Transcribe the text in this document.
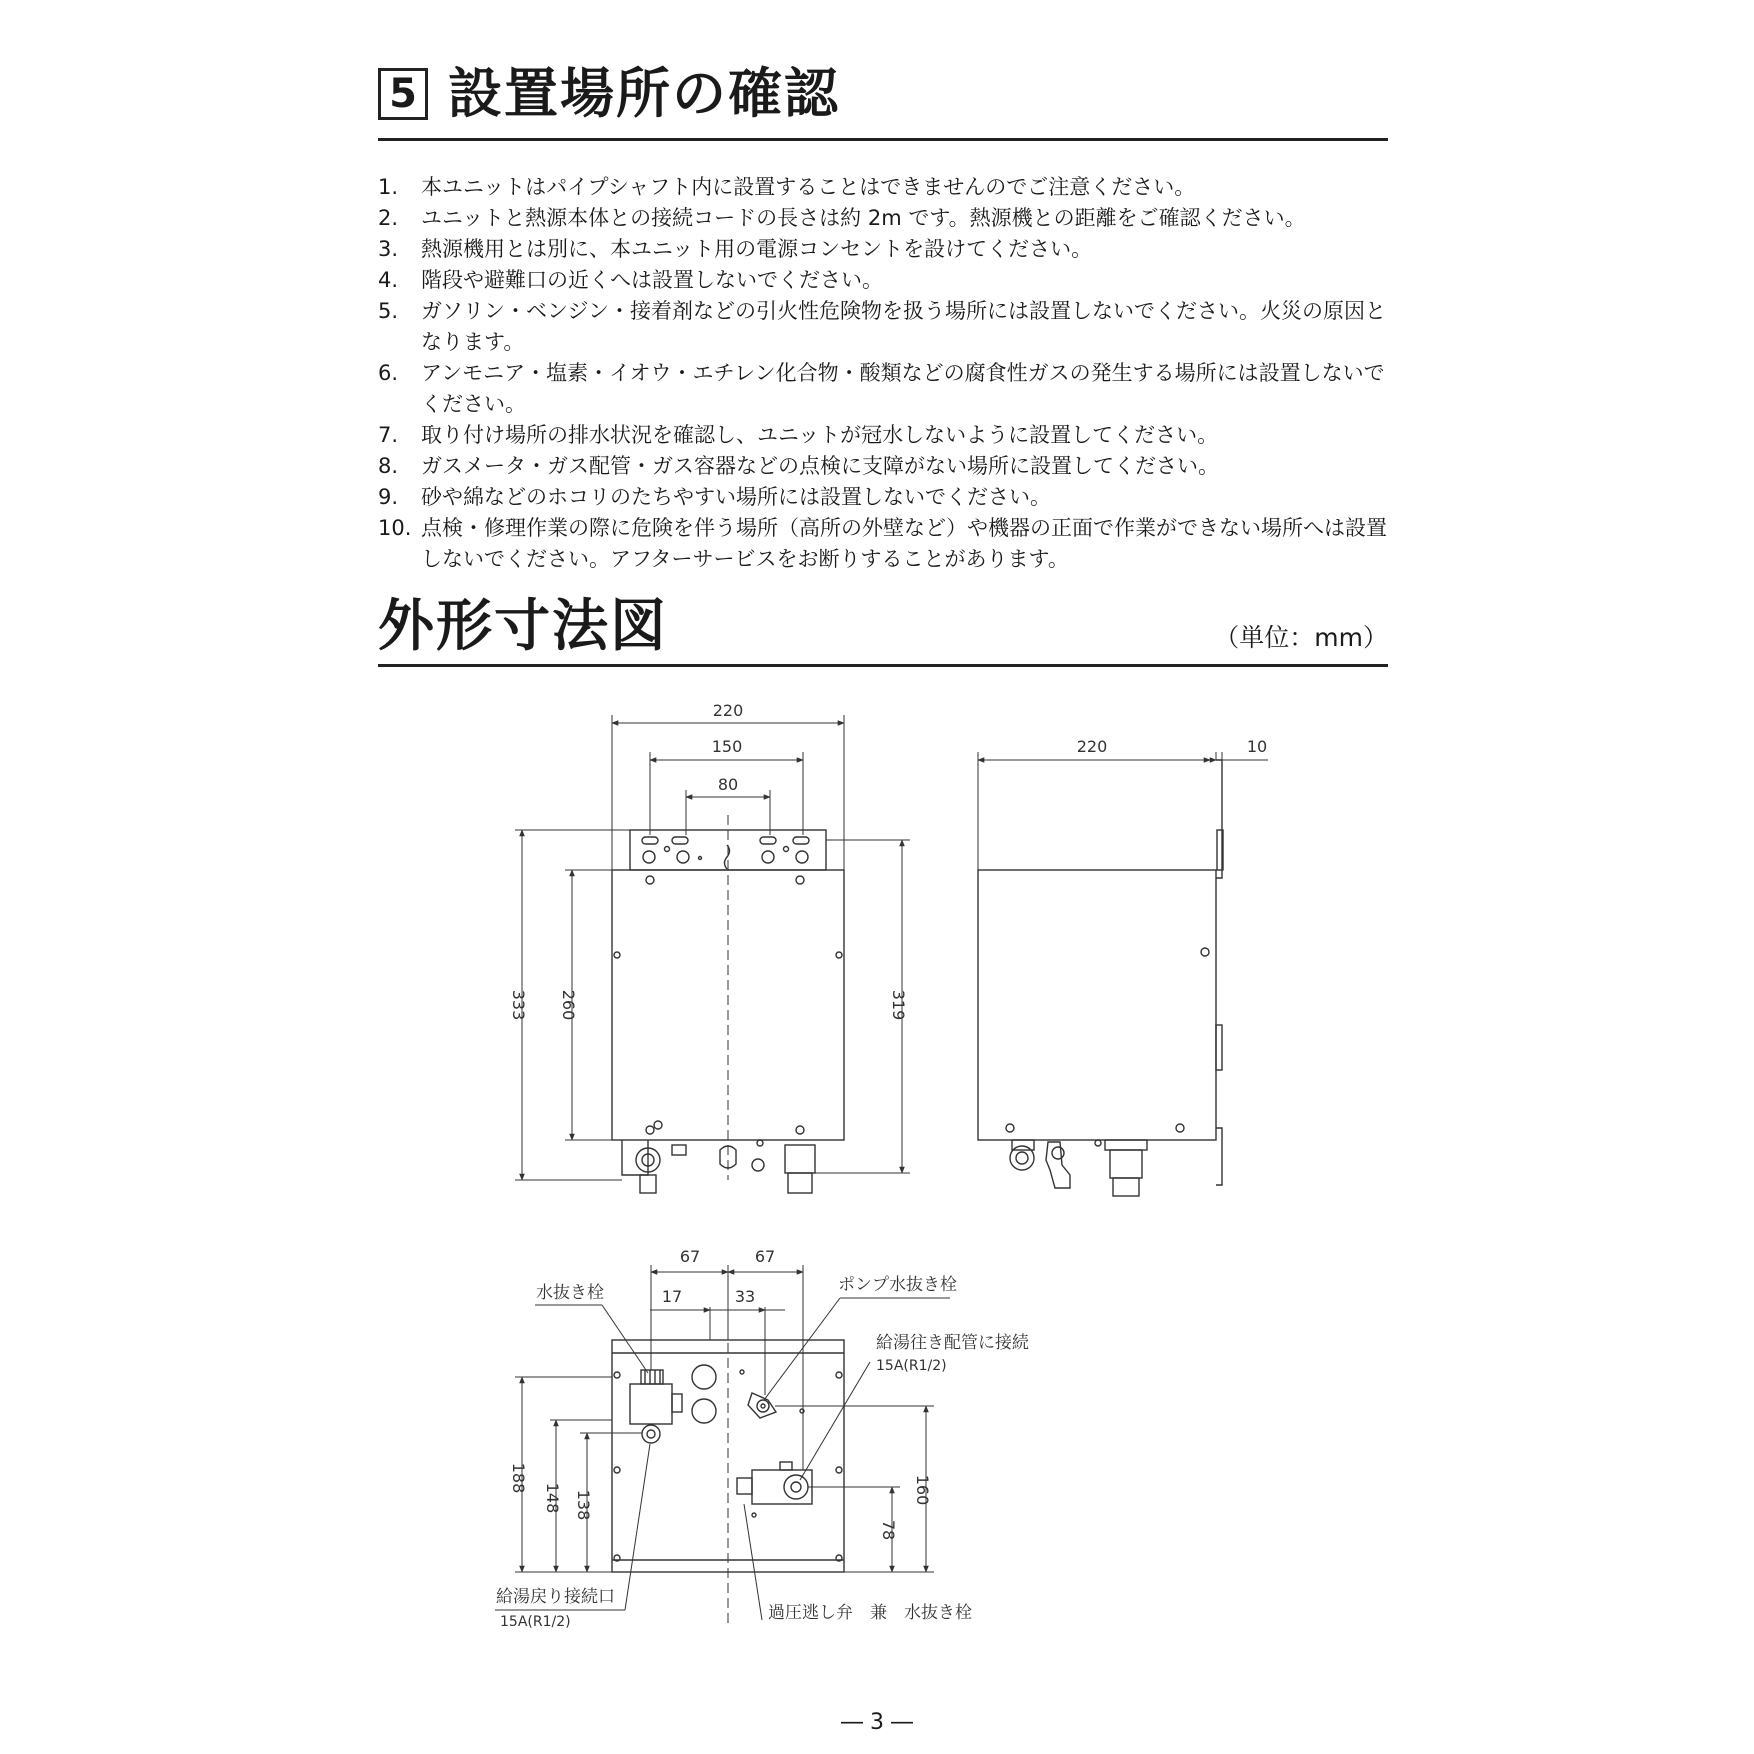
5 設置場所の確認
1. 本ユニットはパイプシャフト内に設置することはできませんのでご注意ください。
2. ユニットと熱源本体との接続コードの長さは約 2m です。熱源機との距離をご確認ください。
3. 熱源機用とは別に、本ユニット用の電源コンセントを設けてください。
4. 階段や避難口の近くへは設置しないでください。
5. ガソリン・ベンジン・接着剤などの引火性危険物を扱う場所には設置しないでください。火災の原因となります。
6. アンモニア・塩素・イオウ・エチレン化合物・酸類などの腐食性ガスの発生する場所には設置しないでください。
7. 取り付け場所の排水状況を確認し、ユニットが冠水しないように設置してください。
8. ガスメータ・ガス配管・ガス容器などの点検に支障がない場所に設置してください。
9. 砂や綿などのホコリのたちやすい場所には設置しないでください。
10. 点検・修理作業の際に危険を伴う場所（高所の外壁など）や機器の正面で作業ができない場所へは設置しないでください。アフターサービスをお断りすることがあります。
外形寸法図	（単位：mm）
220
150
80
333 260	319
220	10
67	67
17	33
188
148 138	160
78
水抜き栓	ポンプ水抜き栓
給湯往き配管に接続
給湯戻り接続口
過圧逃し弁　兼　水抜き栓
15A(R1/2)
15A(R1/2)
― 3 ―
